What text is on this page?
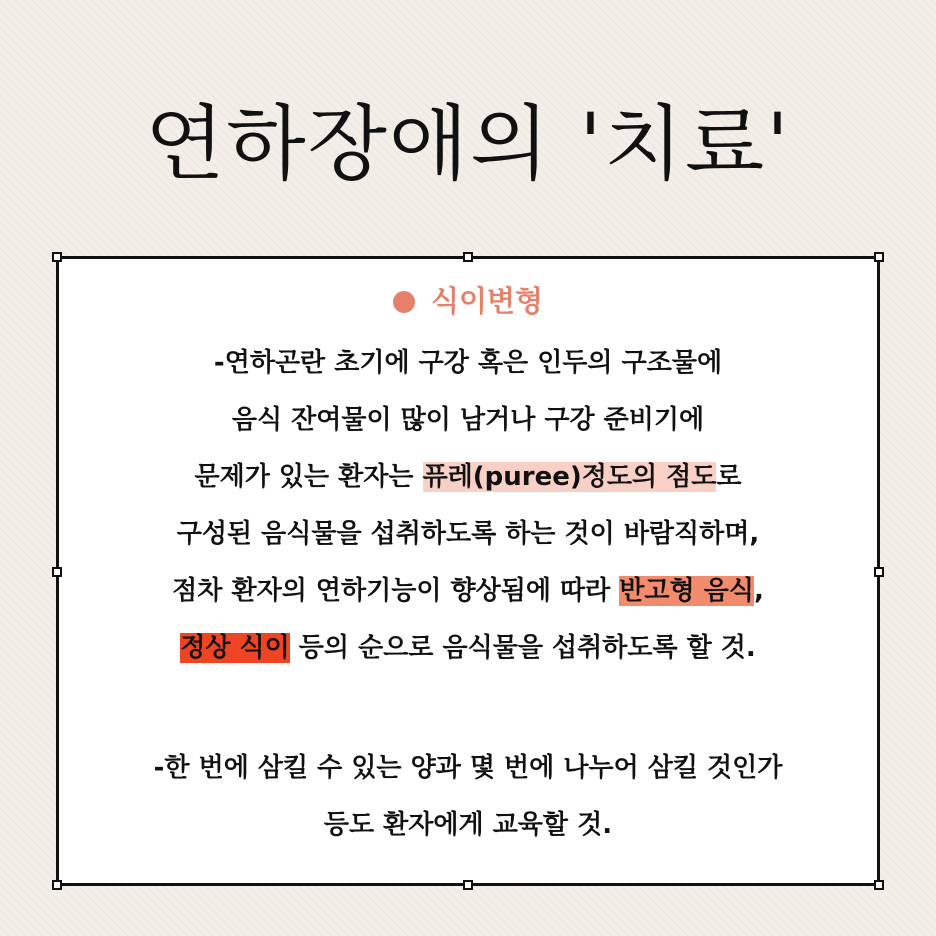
연하장애의 '치료'
식이변형
-연하곤란 초기에 구강 혹은 인두의 구조물에
음식 잔여물이 많이 남거나 구강 준비기에
문제가 있는 환자는 퓨레(puree)정도의 점도로
구성된 음식물을 섭취하도록 하는 것이 바람직하며,
점차 환자의 연하기능이 향상됨에 따라 반고형 음식,
정상 식이 등의 순으로 음식물을 섭취하도록 할 것.
-한 번에 삼킬 수 있는 양과 몇 번에 나누어 삼킬 것인가
등도 환자에게 교육할 것.
